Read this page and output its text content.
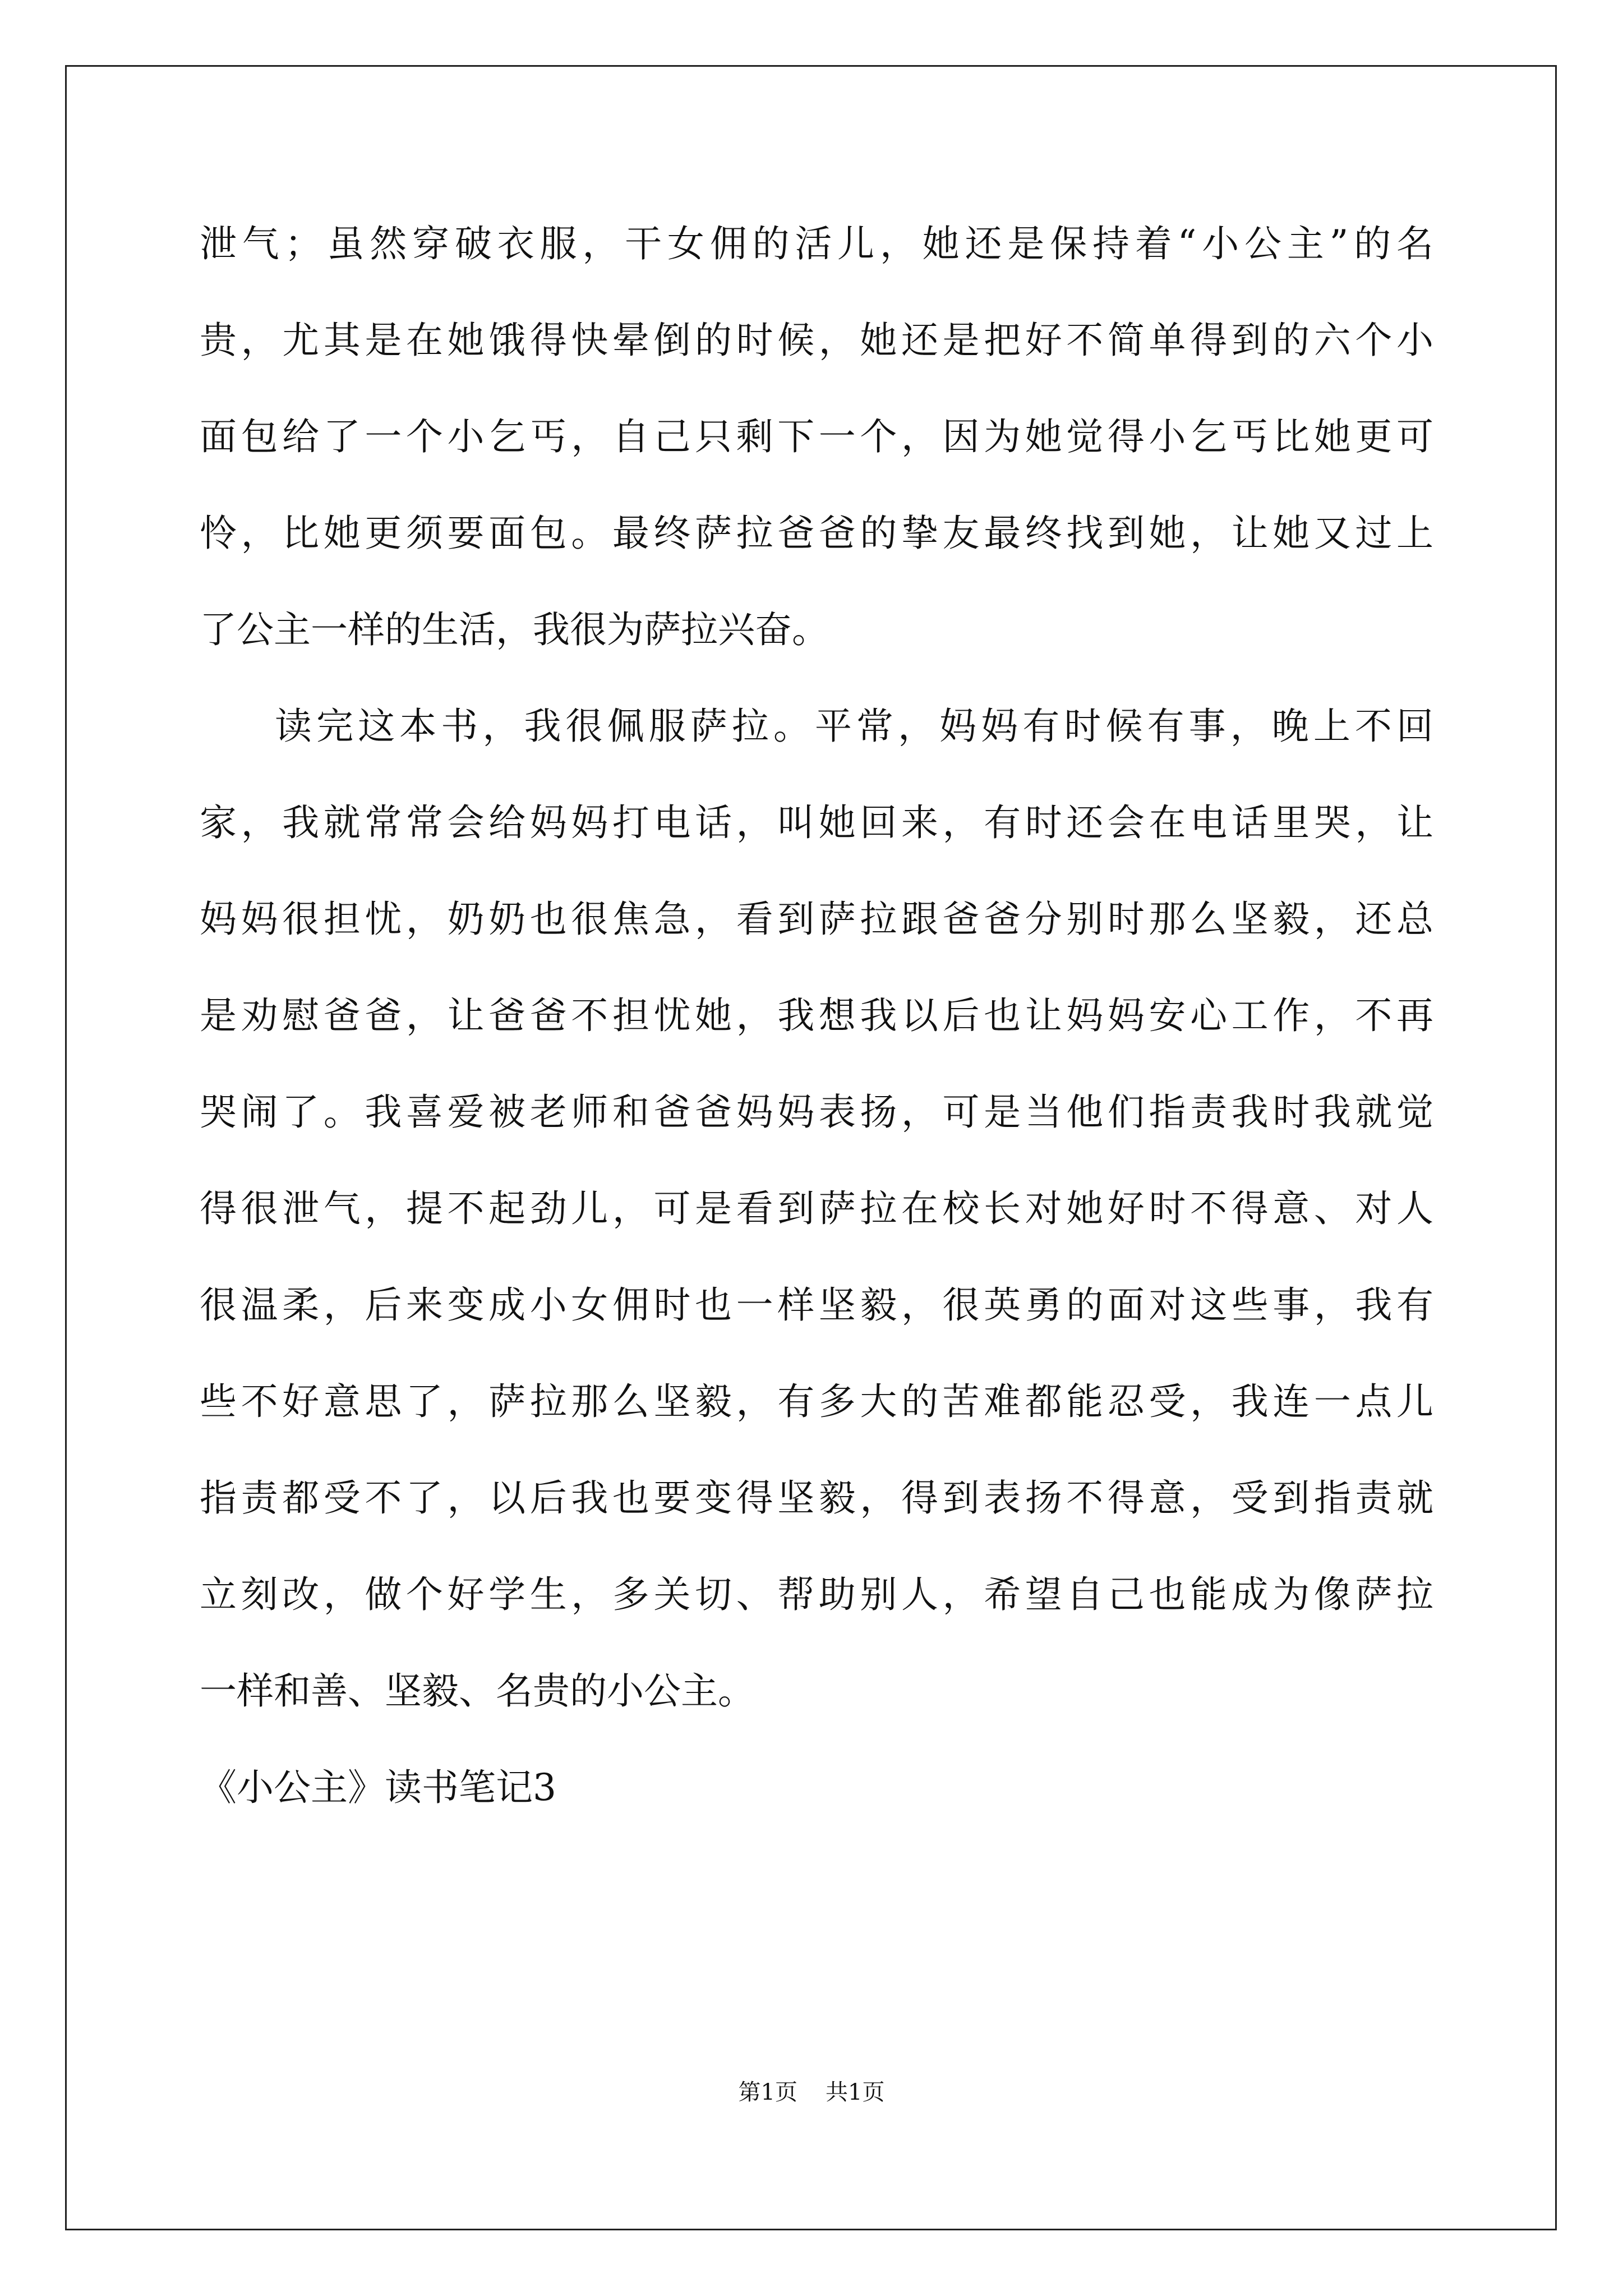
泄气；虽然穿破衣服，干女佣的活儿，她还是保持着“小公主”的名
贵，尤其是在她饿得快晕倒的时候，她还是把好不简单得到的六个小
面包给了一个小乞丐，自己只剩下一个，因为她觉得小乞丐比她更可
怜，比她更须要面包。最终萨拉爸爸的挚友最终找到她，让她又过上
了公主一样的生活，我很为萨拉兴奋。
读完这本书，我很佩服萨拉。平常，妈妈有时候有事，晚上不回
家，我就常常会给妈妈打电话，叫她回来，有时还会在电话里哭，让
妈妈很担忧，奶奶也很焦急，看到萨拉跟爸爸分别时那么坚毅，还总
是劝慰爸爸，让爸爸不担忧她，我想我以后也让妈妈安心工作，不再
哭闹了。我喜爱被老师和爸爸妈妈表扬，可是当他们指责我时我就觉
得很泄气，提不起劲儿，可是看到萨拉在校长对她好时不得意、对人
很温柔，后来变成小女佣时也一样坚毅，很英勇的面对这些事，我有
些不好意思了，萨拉那么坚毅，有多大的苦难都能忍受，我连一点儿
指责都受不了，以后我也要变得坚毅，得到表扬不得意，受到指责就
立刻改，做个好学生，多关切、帮助别人，希望自己也能成为像萨拉
一样和善、坚毅、名贵的小公主。
《小公主》读书笔记3
第1页 共1页
